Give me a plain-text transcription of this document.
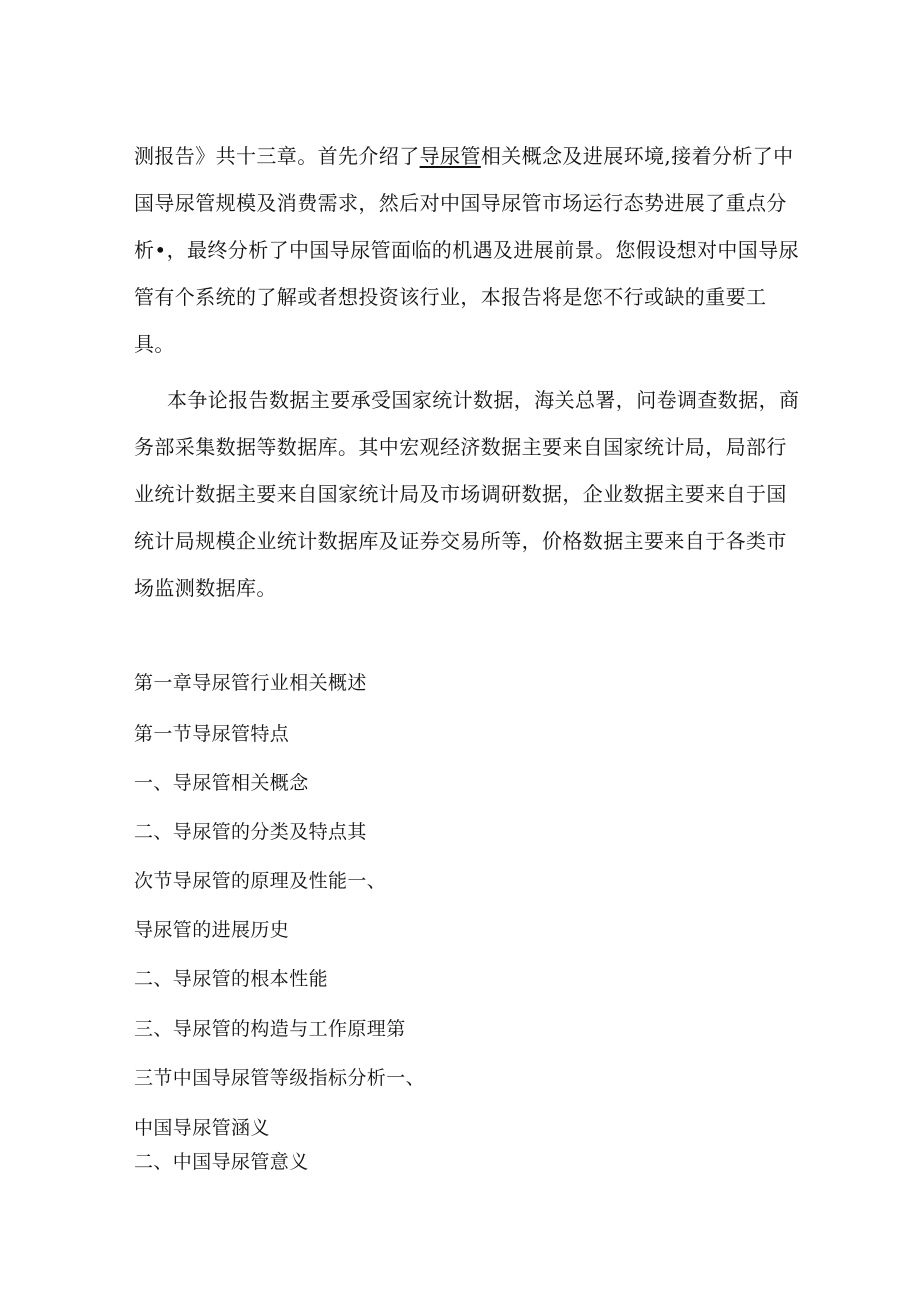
测报告》共十三章。首先介绍了导尿管相关概念及进展环境,接着分析了中
国导尿管规模及消费需求，然后对中国导尿管市场运行态势进展了重点分
析•，最终分析了中国导尿管面临的机遇及进展前景。您假设想对中国导尿
管有个系统的了解或者想投资该行业，本报告将是您不行或缺的重要工
具。
本争论报告数据主要承受国家统计数据，海关总署，问卷调查数据，商
务部采集数据等数据库。其中宏观经济数据主要来自国家统计局，局部行
业统计数据主要来自国家统计局及市场调研数据，企业数据主要来自于国
统计局规模企业统计数据库及证券交易所等，价格数据主要来自于各类市
场监测数据库。
第一章导尿管行业相关概述
第一节导尿管特点
一、导尿管相关概念
二、导尿管的分类及特点其
次节导尿管的原理及性能一、
导尿管的进展历史
二、导尿管的根本性能
三、导尿管的构造与工作原理第
三节中国导尿管等级指标分析一、
中国导尿管涵义
二、中国导尿管意义
